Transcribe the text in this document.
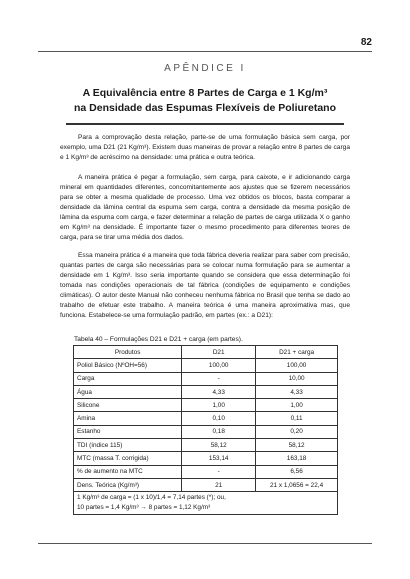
82
APÊNDICE I
A Equivalência entre 8 Partes de Carga e 1 Kg/m³
na Densidade das Espumas Flexíveis de Poliuretano

Para a comprovação desta relação, parte-se de uma formulação básica sem carga, por exemplo, uma D21 (21 Kg/m³). Existem duas maneiras de provar a relação entre 8 partes de carga e 1 Kg/m³ de acréscimo na densidade: uma prática e outra teórica.

A maneira prática é pegar a formulação, sem carga, para caixote, e ir adicionando carga mineral em quantidades diferentes, concomitantemente aos ajustes que se fizerem necessários para se obter a mesma qualidade de processo. Uma vez obtidos os blocos, basta comparar a densidade da lâmina central da espuma sem carga, contra a densidade da mesma posição de lâmina da espuma com carga, e fazer determinar a relação de partes de carga utilizada X o ganho em Kg/m³ na densidade. É importante fazer o mesmo procedimento para diferentes teores de carga, para se tirar uma média dos dados.

Essa maneira prática é a maneira que toda fábrica deveria realizar para saber com precisão, quantas partes de carga são necessárias para se colocar numa formulação para se aumentar a densidade em 1 Kg/m³. Isso seria importante quando se considera que essa determinação foi tomada nas condições operacionais de tal fábrica (condições de equipamento e condições climáticas). O autor deste Manual não conheceu nenhuma fábrica no Brasil que tenha se dado ao trabalho de efetuar este trabalho. A maneira teórica é uma maneira aproximativa mas, que funciona. Estabelece-se uma formulação padrão, em partes (ex.: a D21):

Tabela 40 – Formulações D21 e D21 + carga (em partes).
Produtos	D21	D21 + carga
Poliol Básico (NºOH=56)	100,00	100,00
Carga	-	10,00
Água	4,33	4,33
Silicone	1,00	1,00
Amina	0,10	0,11
Estanho	0,18	0,20
TDI (índice 115)	58,12	58,12
MTC (massa T. corrigida)	153,14	163,18
% de aumento na MTC	-	6,56
Dens. Teórica (Kg/m³)	21	21 x 1,0656 = 22,4

1 Kg/m³ de carga = (1 x 10)/1,4 = 7,14 partes (*); ou,
10 partes = 1,4 Kg/m³ → 8 partes = 1,12 Kg/m³		
